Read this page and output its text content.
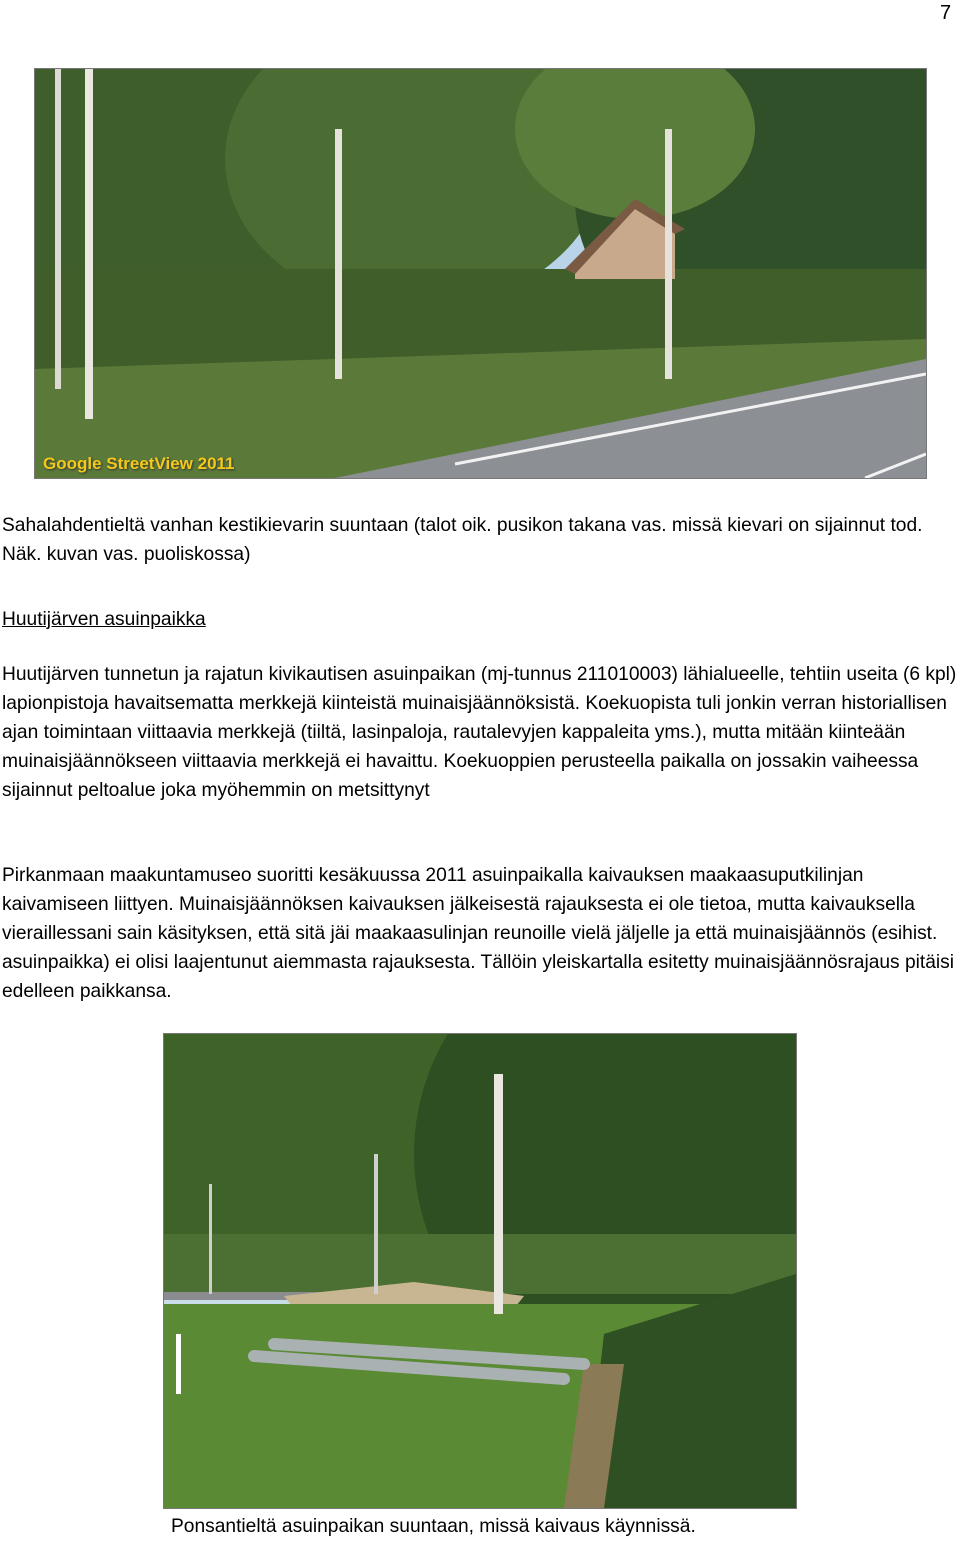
7
Google StreetView 2011
Sahalahdentieltä vanhan kestikievarin suuntaan (talot oik. pusikon takana vas. missä kievari on sijainnut tod. Näk. kuvan vas. puoliskossa)
Huutijärven asuinpaikka
Huutijärven tunnetun ja rajatun kivikautisen asuinpaikan (mj-tunnus 211010003) lähialueelle, tehtiin useita (6 kpl) lapionpistoja havaitsematta merkkejä kiinteistä muinaisjäännöksistä. Koekuopista tuli jonkin verran historiallisen ajan toimintaan viittaavia merkkejä (tiiltä, lasinpaloja, rautalevyjen kappaleita yms.), mutta mitään kiinteään muinaisjäännökseen viittaavia merkkejä ei havaittu. Koekuoppien perusteella paikalla on jossakin vaiheessa sijainnut peltoalue joka myöhemmin on metsittynyt
Pirkanmaan maakuntamuseo suoritti kesäkuussa 2011 asuinpaikalla kaivauksen maakaasuputkilinjan kaivamiseen liittyen. Muinaisjäännöksen kaivauksen jälkeisestä rajauksesta ei ole tietoa, mutta kaivauksella vieraillessani sain käsityksen, että sitä jäi maakaasulinjan reunoille vielä jäljelle ja että muinaisjäännös (esihist. asuinpaikka) ei olisi laajentunut aiemmasta rajauksesta. Tällöin yleiskartalla esitetty muinaisjäännösrajaus pitäisi edelleen paikkansa.
Ponsantieltä asuinpaikan suuntaan, missä kaivaus käynnissä.
